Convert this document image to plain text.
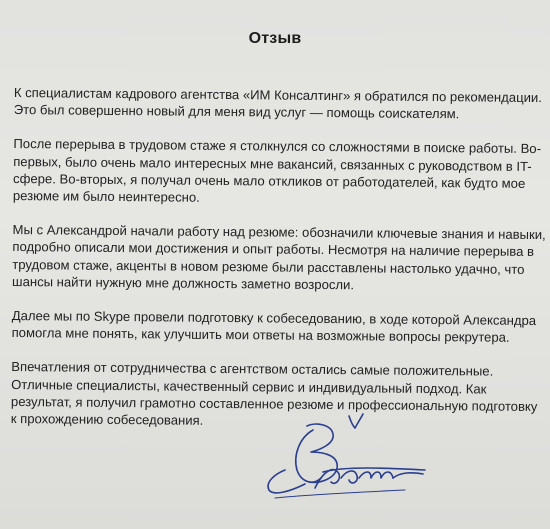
Отзыв

К специалистам кадрового агентства «ИМ Консалтинг» я обратился по рекомендации.
Это был совершенно новый для меня вид услуг — помощь соискателям.

После перерыва в трудовом стаже я столкнулся со сложностями в поиске работы. Во-
первых, было очень мало интересных мне вакансий, связанных с руководством в IT-
сфере. Во-вторых, я получал очень мало откликов от работодателей, как будто мое
резюме им было неинтересно.

Мы с Александрой начали работу над резюме: обозначили ключевые знания и навыки,
подробно описали мои достижения и опыт работы. Несмотря на наличие перерыва в
трудовом стаже, акценты в новом резюме были расставлены настолько удачно, что
шансы найти нужную мне должность заметно возросли.

Далее мы по Skype провели подготовку к собеседованию, в ходе которой Александра
помогла мне понять, как улучшить мои ответы на возможные вопросы рекрутера.

Впечатления от сотрудничества с агентством остались самые положительные.
Отличные специалисты, качественный сервис и индивидуальный подход. Как
результат, я получил грамотно составленное резюме и профессиональную подготовку
к прохождению собеседования.
